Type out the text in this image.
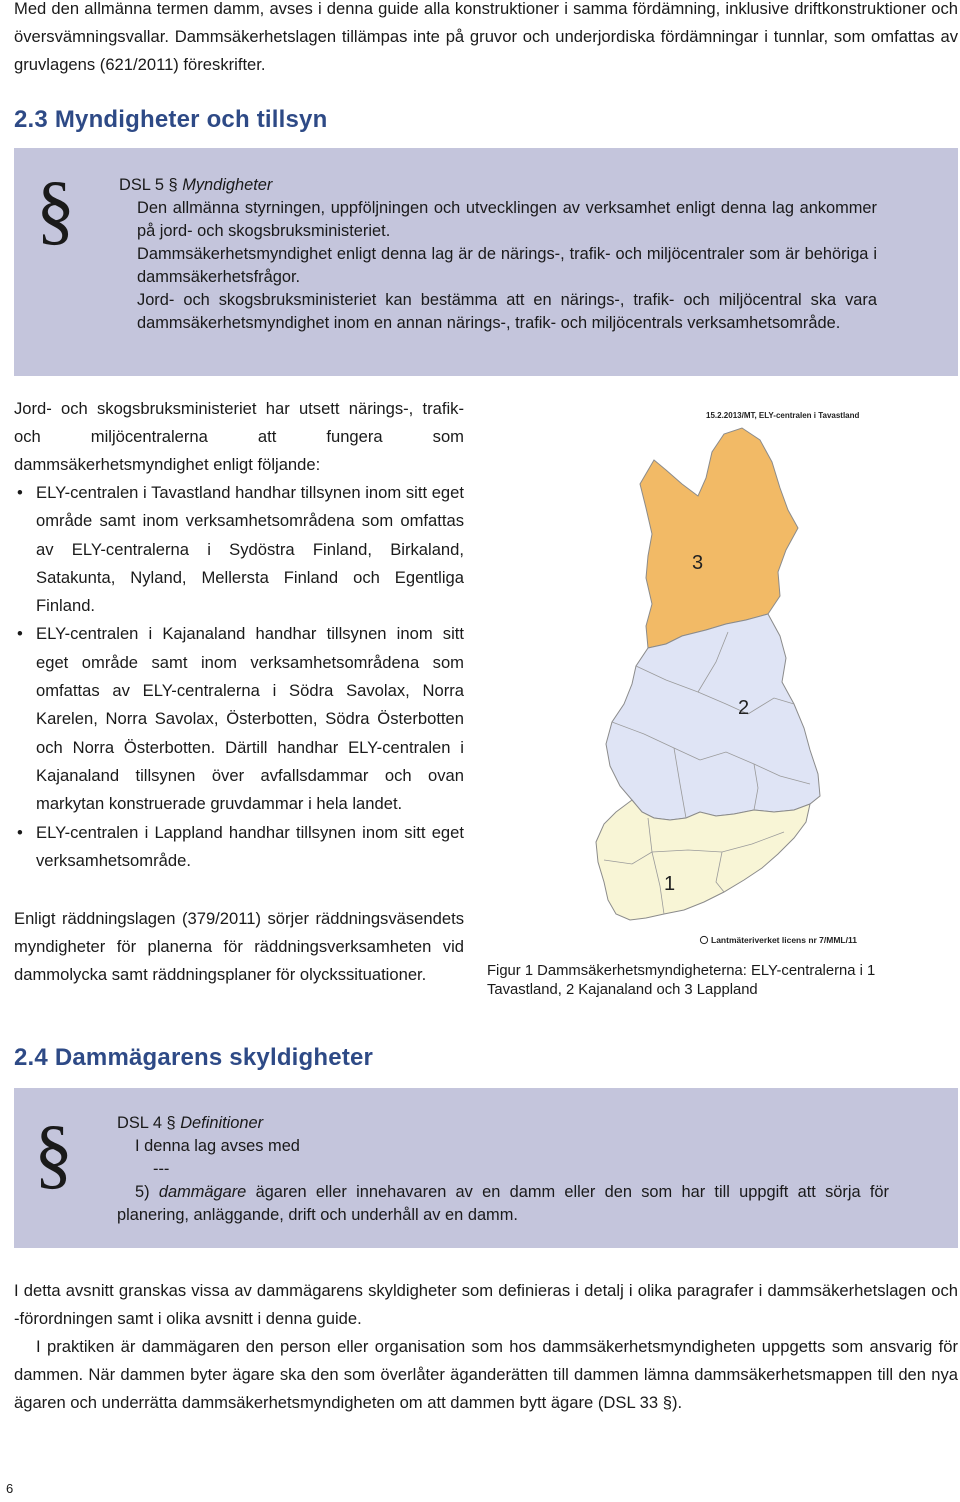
Med den allmänna termen damm, avses i denna guide alla konstruktioner i samma fördämning, inklusive driftkonstruktioner och översvämningsvallar. Dammsäkerhetslagen tillämpas inte på gruvor och underjordiska fördämningar i tunnlar, som omfattas av gruvlagens (621/2011) föreskrifter.

2.3 Myndigheter och tillsyn
§	DSL 5 § Myndigheter

Den allmänna styrningen, uppföljningen och utvecklingen av verksamhet enligt denna lag ankommer på jord- och skogsbruksministeriet.

Dammsäkerhetsmyndighet enligt denna lag är de närings-, trafik- och miljöcentraler som är behöriga i dammsäkerhetsfrågor.

Jord- och skogsbruksministeriet kan bestämma att en närings-, trafik- och miljöcentral ska vara dammsäkerhetsmyndighet inom en annan närings-, trafik- och miljöcentrals verksamhetsområde.

Jord- och skogsbruksministeriet har utsett närings-, trafik- och miljöcentralerna att fungera som dammsäkerhetsmyndighet enligt följande:

• ELY-centralen i Tavastland handhar tillsynen inom sitt eget område samt inom verksamhetsområdena som omfattas av ELY-centralerna i Sydöstra Finland, Birkaland, Satakunta, Nyland, Mellersta Finland och Egentliga Finland.
• ELY-centralen i Kajanaland handhar tillsynen inom sitt eget område samt inom verksamhetsområdena som omfattas av ELY-centralerna i Södra Savolax, Norra Karelen, Norra Savolax, Österbotten, Södra Österbotten och Norra Österbotten. Därtill handhar ELY-centralen i Kajanaland tillsynen över avfallsdammar och ovan markytan konstruerade gruvdammar i hela landet.
• ELY-centralen i Lappland handhar tillsynen inom sitt eget verksamhetsområde.

Enligt räddningslagen (379/2011) sörjer räddningsväsendets myndigheter för planerna för räddningsverksamheten vid dammolycka samt räddningsplaner för olyckssituationer.

15.2.2013/MT, ELY-centralen i Tavastland
3
2
1
Lantmäteriverket licens nr 7/MML/11
Figur 1 Dammsäkerhetsmyndigheterna: ELY-centralerna i 1 Tavastland, 2 Kajanaland och 3 Lappland
2.4 Dammägarens skyldigheter
§	DSL 4 § Definitioner

I denna lag avses med

---

5) dammägare ägaren eller innehavaren av en damm eller den som har till uppgift att sörja för planering, anläggande, drift och underhåll av en damm.

I detta avsnitt granskas vissa av dammägarens skyldigheter som definieras i detalj i olika paragrafer i dammsäkerhetslagen och -förordningen samt i olika avsnitt i denna guide.

I praktiken är dammägaren den person eller organisation som hos dammsäkerhetsmyndigheten uppgetts som ansvarig för dammen. När dammen byter ägare ska den som överlåter äganderätten till dammen lämna dammsäkerhetsmappen till den nya ägaren och underrätta dammsäkerhetsmyndigheten om att dammen bytt ägare (DSL 33 §).

6
